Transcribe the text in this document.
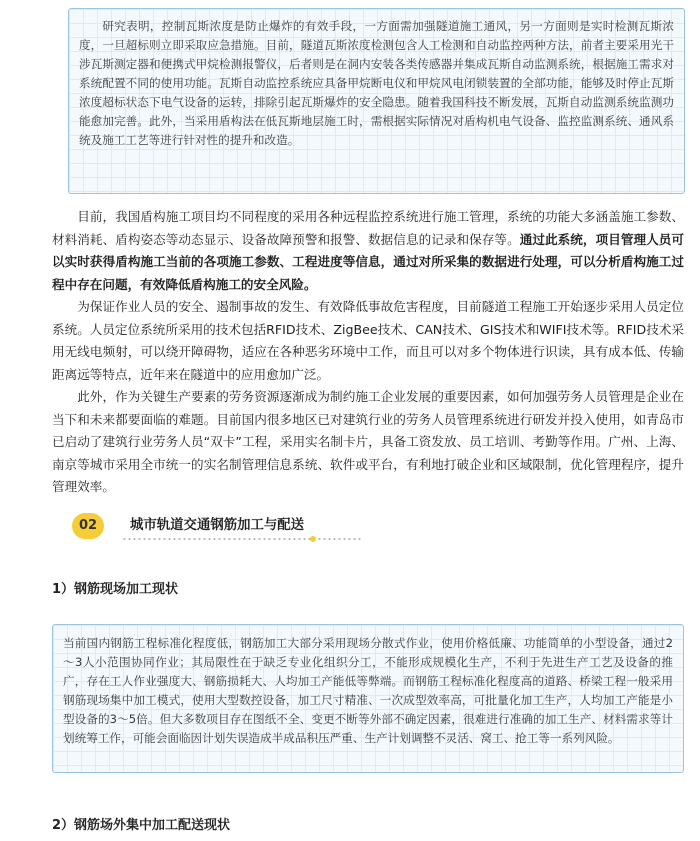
研究表明，控制瓦斯浓度是防止爆炸的有效手段，一方面需加强隧道施工通风，另一方面则是实时检测瓦斯浓度，一旦超标则立即采取应急措施。目前，隧道瓦斯浓度检测包含人工检测和自动监控两种方法，前者主要采用光干涉瓦斯测定器和便携式甲烷检测报警仪，后者则是在洞内安装各类传感器并集成瓦斯自动监测系统，根据施工需求对系统配置不同的使用功能。瓦斯自动监控系统应具备甲烷断电仪和甲烷风电闭锁装置的全部功能，能够及时停止瓦斯浓度超标状态下电气设备的运转，排除引起瓦斯爆炸的安全隐患。随着我国科技不断发展，瓦斯自动监测系统监测功能愈加完善。此外，当采用盾构法在低瓦斯地层施工时，需根据实际情况对盾构机电气设备、监控监测系统、通风系统及施工工艺等进行针对性的提升和改造。

目前，我国盾构施工项目均不同程度的采用各种远程监控系统进行施工管理，系统的功能大多涵盖施工参数、材料消耗、盾构姿态等动态显示、设备故障预警和报警、数据信息的记录和保存等。通过此系统，项目管理人员可以实时获得盾构施工当前的各项施工参数、工程进度等信息，通过对所采集的数据进行处理，可以分析盾构施工过程中存在问题，有效降低盾构施工的安全风险。

为保证作业人员的安全、遏制事故的发生、有效降低事故危害程度，目前隧道工程施工开始逐步采用人员定位系统。人员定位系统所采用的技术包括RFID技术、ZigBee技术、CAN技术、GIS技术和WIFI技术等。RFID技术采用无线电频射，可以绕开障碍物，适应在各种恶劣环境中工作，而且可以对多个物体进行识读，具有成本低、传输距离远等特点，近年来在隧道中的应用愈加广泛。

此外，作为关键生产要素的劳务资源逐渐成为制约施工企业发展的重要因素，如何加强劳务人员管理是企业在当下和未来都要面临的难题。目前国内很多地区已对建筑行业的劳务人员管理系统进行研发并投入使用，如青岛市已启动了建筑行业劳务人员“双卡”工程，采用实名制卡片，具备工资发放、员工培训、考勤等作用。广州、上海、南京等城市采用全市统一的实名制管理信息系统、软件或平台，有利地打破企业和区域限制，优化管理程序，提升管理效率。

02	城市轨道交通钢筋加工与配送
1）钢筋现场加工现状

当前国内钢筋工程标准化程度低，钢筋加工大部分采用现场分散式作业，使用价格低廉、功能简单的小型设备，通过2～3人小范围协同作业；其局限性在于缺乏专业化组织分工，不能形成规模化生产，不利于先进生产工艺及设备的推广，存在工人作业强度大、钢筋损耗大、人均加工产能低等弊端。而钢筋工程标准化程度高的道路、桥梁工程一般采用钢筋现场集中加工模式，使用大型数控设备，加工尺寸精准、一次成型效率高，可批量化加工生产，人均加工产能是小型设备的3～5倍。但大多数项目存在图纸不全、变更不断等外部不确定因素，很难进行准确的加工生产、材料需求等计划统筹工作，可能会面临因计划失误造成半成品积压严重、生产计划调整不灵活、窝工、抢工等一系列风险。

2）钢筋场外集中加工配送现状
